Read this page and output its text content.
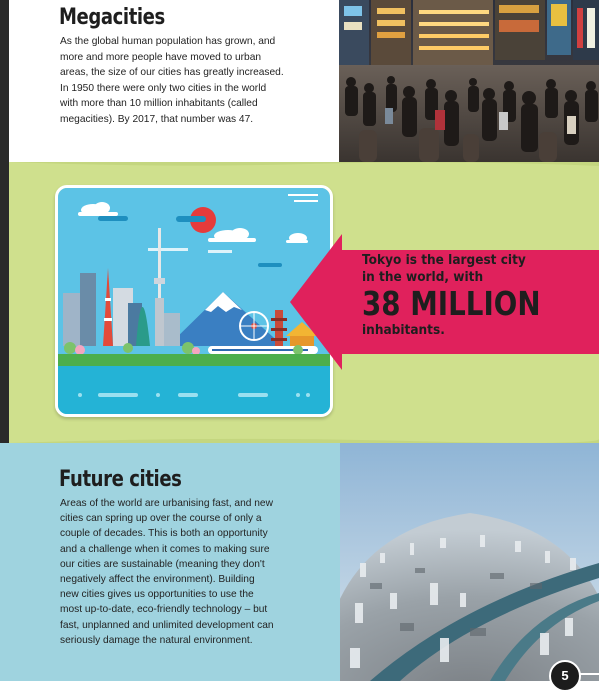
Megacities
As the global human population has grown, and
more and more people have moved to urban
areas, the size of our cities has greatly increased.
In 1950 there were only two cities in the world
with more than 10 million inhabitants (called
megacities). By 2017, that number was 47.
Tokyo is the largest city
in the world, with
38 MILLION
inhabitants.
Future cities
Areas of the world are urbanising fast, and new
cities can spring up over the course of only a
couple of decades. This is both an opportunity
and a challenge when it comes to making sure
our cities are sustainable (meaning they don't
negatively affect the environment). Building
new cities gives us opportunities to use the
most up-to-date, eco-friendly technology – but
fast, unplanned and unlimited development can
seriously damage the natural environment.
5
